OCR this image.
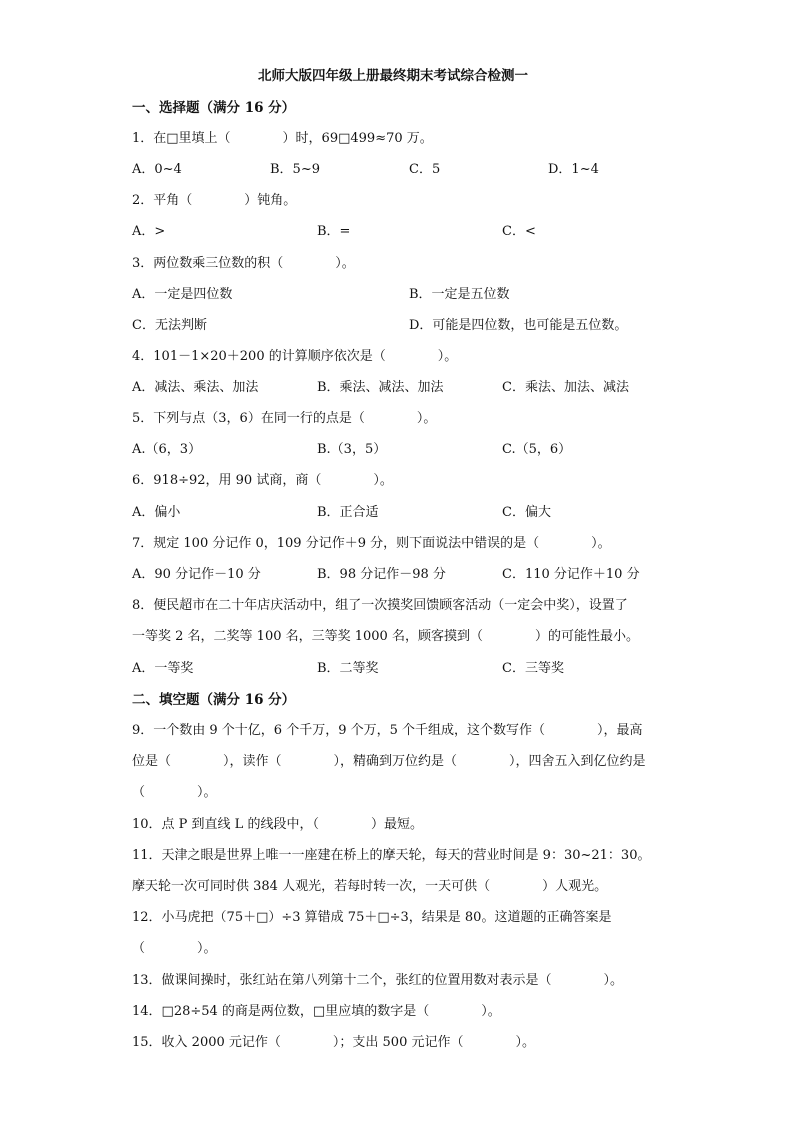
北师大版四年级上册最终期末考试综合检测一
一、选择题（满分 16 分）
1．在□里填上（　　　　）时，69□499≈70 万。
A．0~4	B．5~9	C．5	D．1~4
2．平角（　　　　）钝角。
A．>	B．=	C．<
3．两位数乘三位数的积（　　　　）。
A．一定是四位数	B．一定是五位数
C．无法判断	D．可能是四位数，也可能是五位数。
4．101－1×20＋200 的计算顺序依次是（　　　　）。
A．减法、乘法、加法	B．乘法、减法、加法	C．乘法、加法、减法
5．下列与点（3，6）在同一行的点是（　　　　）。
A.（6，3）	B.（3，5）	C.（5，6）
6．918÷92，用 90 试商，商（　　　　）。
A．偏小	B．正合适	C．偏大
7．规定 100 分记作 0，109 分记作＋9 分，则下面说法中错误的是（　　　　）。
A．90 分记作－10 分	B．98 分记作－98 分	C．110 分记作＋10 分
8．便民超市在二十年店庆活动中，组了一次摸奖回馈顾客活动（一定会中奖），设置了
一等奖 2 名，二奖等 100 名，三等奖 1000 名，顾客摸到（　　　　）的可能性最小。
A．一等奖	B．二等奖	C．三等奖
二、填空题（满分 16 分）
9．一个数由 9 个十亿，6 个千万，9 个万，5 个千组成，这个数写作（　　　　），最高
位是（　　　　），读作（　　　　），精确到万位约是（　　　　），四舍五入到亿位约是
（　　　　）。
10．点 P 到直线 L 的线段中，（　　　　）最短。
11．天津之眼是世界上唯一一座建在桥上的摩天轮，每天的营业时间是 9：30~21：30。
摩天轮一次可同时供 384 人观光，若每时转一次，一天可供（　　　　）人观光。
12．小马虎把（75＋□）÷3 算错成 75＋□÷3，结果是 80。这道题的正确答案是
（　　　　）。
13．做课间操时，张红站在第八列第十二个，张红的位置用数对表示是（　　　　）。
14．□28÷54 的商是两位数，□里应填的数字是（　　　　）。
15．收入 2000 元记作（　　　　）；支出 500 元记作（　　　　）。
